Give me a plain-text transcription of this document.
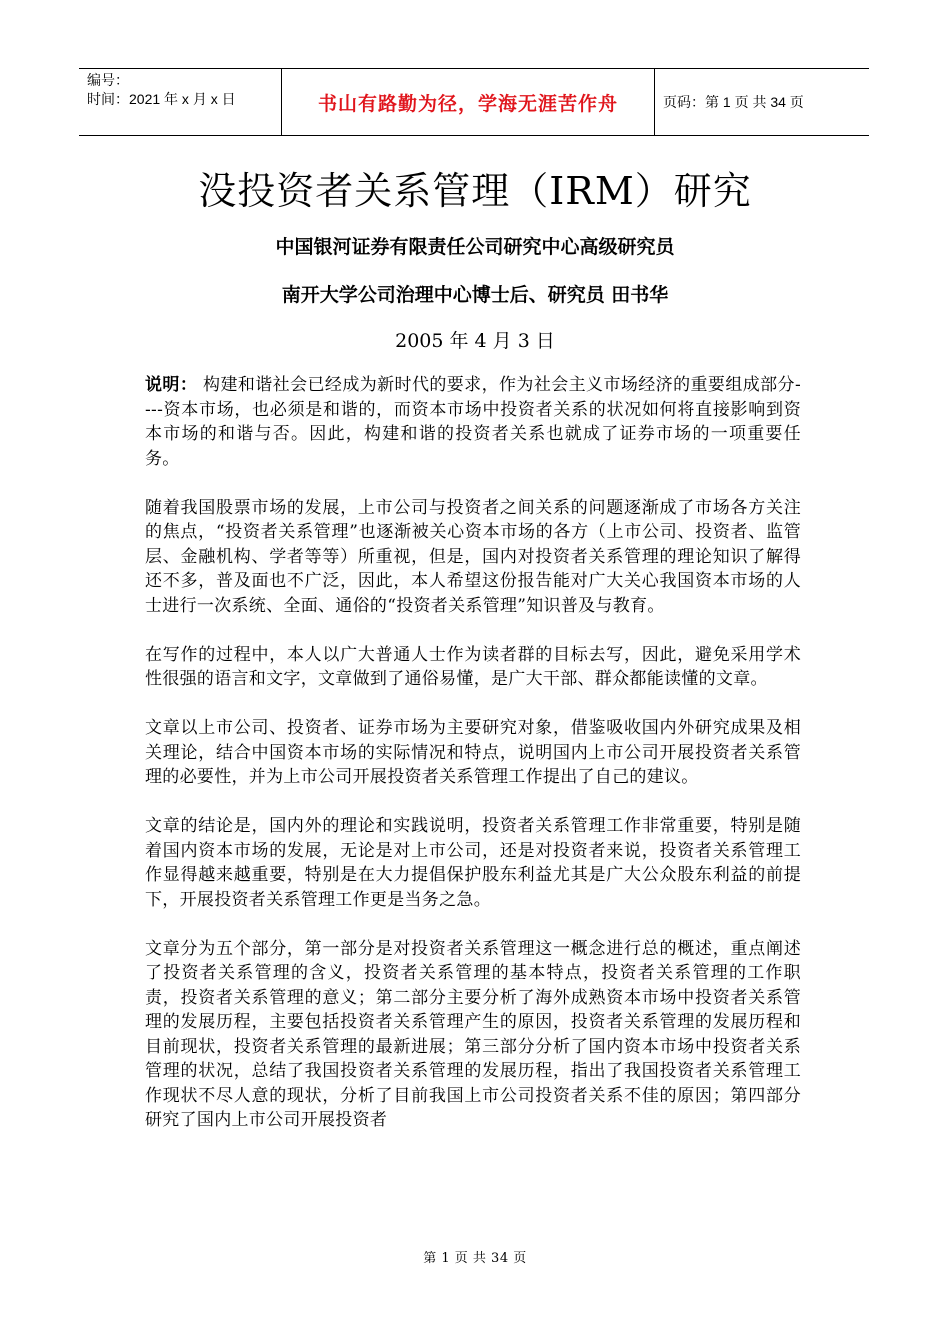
编号：
时间：2021 年 x 月 x 日	书山有路勤为径，学海无涯苦作舟	页码：第 1 页 共 34 页
没投资者关系管理（IRM）研究
中国银河证券有限责任公司研究中心高级研究员
南开大学公司治理中心博士后、研究员 田书华
2005 年 4 月 3 日

说明： 构建和谐社会已经成为新时代的要求，作为社会主义市场经济的重要组成部分----资本市场，也必须是和谐的，而资本市场中投资者关系的状况如何将直接影响到资本市场的和谐与否。因此，构建和谐的投资者关系也就成了证券市场的一项重要任务。

随着我国股票市场的发展，上市公司与投资者之间关系的问题逐渐成了市场各方关注的焦点，“投资者关系管理”也逐渐被关心资本市场的各方（上市公司、投资者、监管层、金融机构、学者等等）所重视，但是，国内对投资者关系管理的理论知识了解得还不多，普及面也不广泛，因此，本人希望这份报告能对广大关心我国资本市场的人士进行一次系统、全面、通俗的“投资者关系管理”知识普及与教育。

在写作的过程中，本人以广大普通人士作为读者群的目标去写，因此，避免采用学术性很强的语言和文字，文章做到了通俗易懂，是广大干部、群众都能读懂的文章。

文章以上市公司、投资者、证券市场为主要研究对象，借鉴吸收国内外研究成果及相关理论，结合中国资本市场的实际情况和特点，说明国内上市公司开展投资者关系管理的必要性，并为上市公司开展投资者关系管理工作提出了自己的建议。

文章的结论是，国内外的理论和实践说明，投资者关系管理工作非常重要，特别是随着国内资本市场的发展，无论是对上市公司，还是对投资者来说，投资者关系管理工作显得越来越重要，特别是在大力提倡保护股东利益尤其是广大公众股东利益的前提下，开展投资者关系管理工作更是当务之急。

文章分为五个部分，第一部分是对投资者关系管理这一概念进行总的概述，重点阐述了投资者关系管理的含义，投资者关系管理的基本特点，投资者关系管理的工作职责，投资者关系管理的意义；第二部分主要分析了海外成熟资本市场中投资者关系管理的发展历程，主要包括投资者关系管理产生的原因，投资者关系管理的发展历程和目前现状，投资者关系管理的最新进展；第三部分分析了国内资本市场中投资者关系管理的状况，总结了我国投资者关系管理的发展历程，指出了我国投资者关系管理工作现状不尽人意的现状，分析了目前我国上市公司投资者关系不佳的原因；第四部分研究了国内上市公司开展投资者

第 1 页 共 34 页
